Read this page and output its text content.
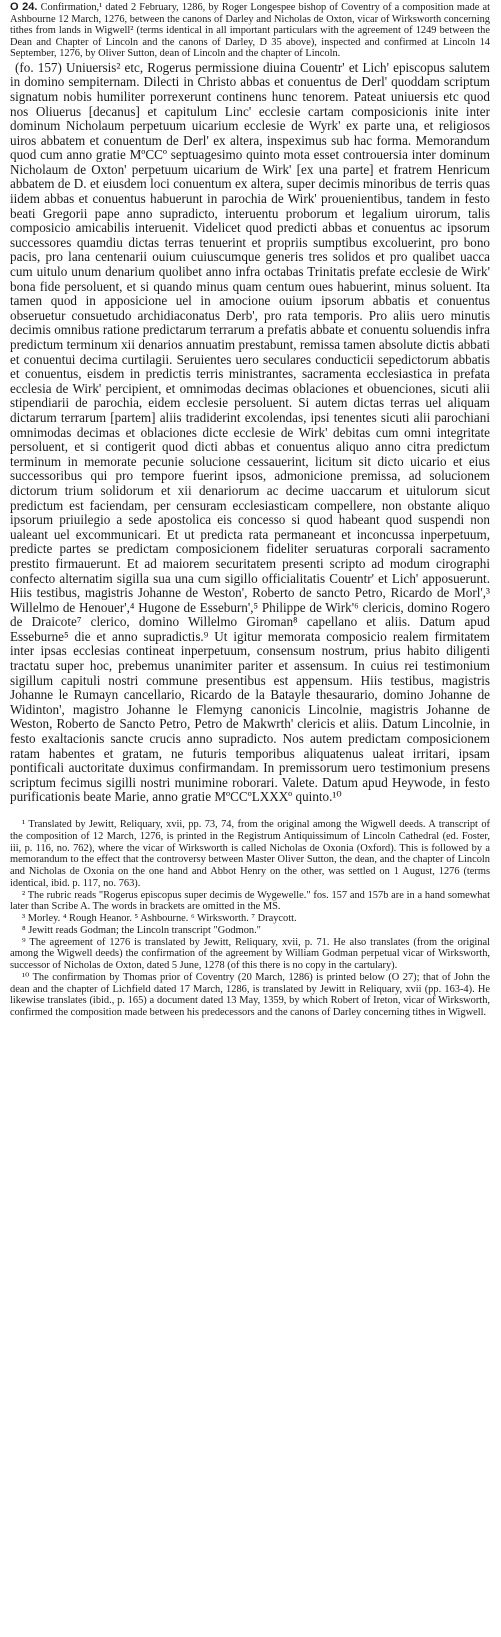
O 24. Confirmation,¹ dated 2 February, 1286, by Roger Longespee bishop of Coventry of a composition made at Ashbourne 12 March, 1276, between the canons of Darley and Nicholas de Oxton, vicar of Wirksworth concerning tithes from lands in Wigwell² (terms identical in all important particulars with the agreement of 1249 between the Dean and Chapter of Lincoln and the canons of Darley, D 35 above), inspected and confirmed at Lincoln 14 September, 1276, by Oliver Sutton, dean of Lincoln and the chapter of Lincoln.

(fo. 157) Uniuersis² etc, Rogerus permissione diuina Couentr' et Lich' episcopus salutem in domino sempiternam. Dilecti in Christo abbas et conuentus de Derl' quoddam scriptum signatum nobis humiliter porrexerunt continens hunc tenorem. Pateat uniuersis etc quod nos Oliuerus [decanus] et capitulum Linc' ecclesie cartam composicionis inite inter dominum Nicholaum perpetuum uicarium ecclesie de Wyrk' ex parte una, et religiosos uiros abbatem et conuentum de Derl' ex altera, inspeximus sub hac forma. Memorandum quod cum anno gratie MºCCº septuagesimo quinto mota esset controuersia inter dominum Nicholaum de Oxton' perpetuum uicarium de Wirk' [ex una parte] et fratrem Henricum abbatem de D. et eiusdem loci conuentum ex altera, super decimis minoribus de terris quas iidem abbas et conuentus habuerunt in parochia de Wirk' prouenientibus, tandem in festo beati Gregorii pape anno supradicto, interuentu proborum et legalium uirorum, talis composicio amicabilis interuenit. Videlicet quod predicti abbas et conuentus ac ipsorum successores quamdiu dictas terras tenuerint et propriis sumptibus excoluerint, pro bono pacis, pro lana centenarii ouium cuiuscumque generis tres solidos et pro qualibet uacca cum uitulo unum denarium quolibet anno infra octabas Trinitatis prefate ecclesie de Wirk' bona fide persoluent, et si quando minus quam centum oues habuerint, minus soluent. Ita tamen quod in apposicione uel in amocione ouium ipsorum abbatis et conuentus obseruetur consuetudo archidiaconatus Derb', pro rata temporis. Pro aliis uero minutis decimis omnibus ratione predictarum terrarum a prefatis abbate et conuentu soluendis infra predictum terminum xii denarios annuatim prestabunt, remissa tamen absolute dictis abbati et conuentui decima curtilagii. Seruientes uero seculares conducticii sepedictorum abbatis et conuentus, eisdem in predictis terris ministrantes, sacramenta ecclesiastica in prefata ecclesia de Wirk' percipient, et omnimodas decimas oblaciones et obuenciones, sicuti alii stipendiarii de parochia, eidem ecclesie persoluent. Si autem dictas terras uel aliquam dictarum terrarum [partem] aliis tradiderint excolendas, ipsi tenentes sicuti alii parochiani omnimodas decimas et oblaciones dicte ecclesie de Wirk' debitas cum omni integritate persoluent, et si contigerit quod dicti abbas et conuentus aliquo anno citra predictum terminum in memorate pecunie solucione cessauerint, licitum sit dicto uicario et eius successoribus qui pro tempore fuerint ipsos, admonicione premissa, ad solucionem dictorum trium solidorum et xii denariorum ac decime uaccarum et uitulorum sicut predictum est faciendam, per censuram ecclesiasticam compellere, non obstante aliquo ipsorum priuilegio a sede apostolica eis concesso si quod habeant quod suspendi non ualeant uel excommunicari. Et ut predicta rata permaneant et inconcussa inperpetuum, predicte partes se predictam composicionem fideliter seruaturas corporali sacramento prestito firmauerunt. Et ad maiorem securitatem presenti scripto ad modum cirographi confecto alternatim sigilla sua una cum sigillo officialitatis Couentr' et Lich' apposuerunt. Hiis testibus, magistris Johanne de Weston', Roberto de sancto Petro, Ricardo de Morl',³ Willelmo de Henouer',⁴ Hugone de Esseburn',⁵ Philippe de Wirk'⁶ clericis, domino Rogero de Draicote⁷ clerico, domino Willelmo Giroman⁸ capellano et aliis. Datum apud Esseburne⁵ die et anno supradictis.⁹ Ut igitur memorata composicio realem firmitatem inter ipsas ecclesias contineat inperpetuum, consensum nostrum, prius habito diligenti tractatu super hoc, prebemus unanimiter pariter et assensum. In cuius rei testimonium sigillum capituli nostri commune presentibus est appensum. Hiis testibus, magistris Johanne le Rumayn cancellario, Ricardo de la Batayle thesaurario, domino Johanne de Widinton', magistro Johanne le Flemyng canonicis Lincolnie, magistris Johanne de Weston, Roberto de Sancto Petro, Petro de Makwrth' clericis et aliis. Datum Lincolnie, in festo exaltacionis sancte crucis anno supradicto. Nos autem predictam composicionem ratam habentes et gratam, ne futuris temporibus aliquatenus ualeat irritari, ipsam pontificali auctoritate duximus confirmandam. In premissorum uero testimonium presens scriptum fecimus sigilli nostri munimine roborari. Valete. Datum apud Heywode, in festo purificationis beate Marie, anno gratie MºCCºLXXXº quinto.¹⁰

¹ Translated by Jewitt, Reliquary, xvii, pp. 73, 74, from the original among the Wigwell deeds. A transcript of the composition of 12 March, 1276, is printed in the Registrum Antiquissimum of Lincoln Cathedral (ed. Foster, iii, p. 116, no. 762), where the vicar of Wirksworth is called Nicholas de Oxonia (Oxford). This is followed by a memorandum to the effect that the controversy between Master Oliver Sutton, the dean, and the chapter of Lincoln and Nicholas de Oxonia on the one hand and Abbot Henry on the other, was settled on 1 August, 1276 (terms identical, ibid. p. 117, no. 763).

² The rubric reads "Rogerus episcopus super decimis de Wygewelle." fos. 157 and 157b are in a hand somewhat later than Scribe A. The words in brackets are omitted in the MS.

³ Morley. ⁴ Rough Heanor. ⁵ Ashbourne. ⁶ Wirksworth. ⁷ Draycott.

⁸ Jewitt reads Godman; the Lincoln transcript "Godmon."

⁹ The agreement of 1276 is translated by Jewitt, Reliquary, xvii, p. 71. He also translates (from the original among the Wigwell deeds) the confirmation of the agreement by William Godman perpetual vicar of Wirksworth, successor of Nicholas de Oxton, dated 5 June, 1278 (of this there is no copy in the cartulary).

¹⁰ The confirmation by Thomas prior of Coventry (20 March, 1286) is printed below (O 27); that of John the dean and the chapter of Lichfield dated 17 March, 1286, is translated by Jewitt in Reliquary, xvii (pp. 163-4). He likewise translates (ibid., p. 165) a document dated 13 May, 1359, by which Robert of Ireton, vicar of Wirksworth, confirmed the composition made between his predecessors and the canons of Darley concerning tithes in Wigwell.
